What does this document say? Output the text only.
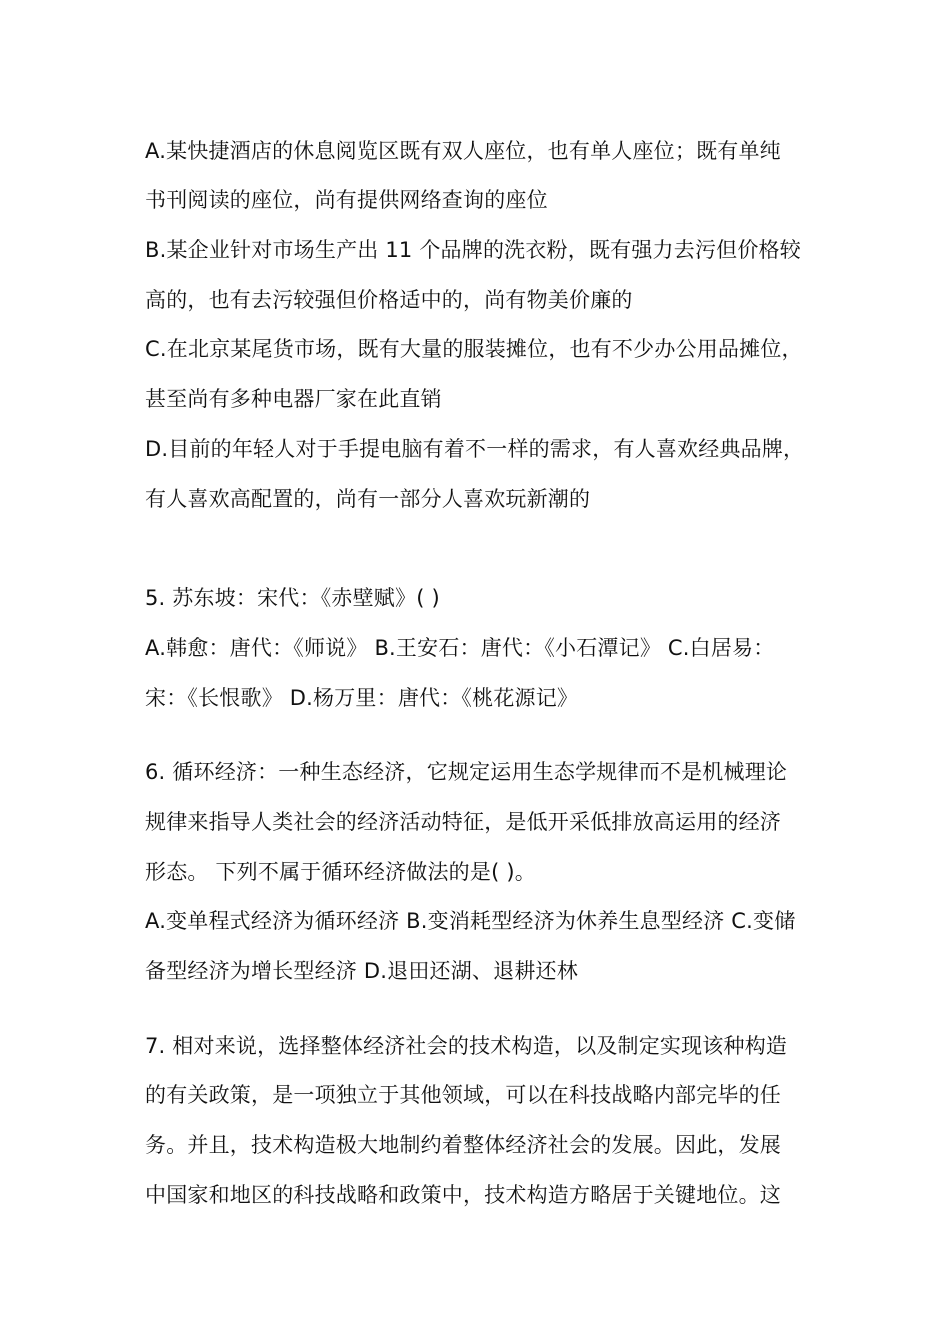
A.某快捷酒店的休息阅览区既有双人座位，也有单人座位；既有单纯
书刊阅读的座位，尚有提供网络查询的座位
B.某企业针对市场生产出 11 个品牌的洗衣粉，既有强力去污但价格较
高的，也有去污较强但价格适中的，尚有物美价廉的
C.在北京某尾货市场，既有大量的服装摊位，也有不少办公用品摊位，
甚至尚有多种电器厂家在此直销
D.目前的年轻人对于手提电脑有着不一样的需求，有人喜欢经典品牌，
有人喜欢高配置的，尚有一部分人喜欢玩新潮的
5. 苏东坡：宋代：《赤壁赋》( )
A.韩愈：唐代：《师说》 B.王安石：唐代：《小石潭记》 C.白居易：
宋：《长恨歌》 D.杨万里：唐代：《桃花源记》
6. 循环经济：一种生态经济，它规定运用生态学规律而不是机械理论
规律来指导人类社会的经济活动特征，是低开采低排放高运用的经济
形态。 下列不属于循环经济做法的是( )。
A.变单程式经济为循环经济 B.变消耗型经济为休养生息型经济 C.变储
备型经济为增长型经济 D.退田还湖、退耕还林
7. 相对来说，选择整体经济社会的技术构造，以及制定实现该种构造
的有关政策，是一项独立于其他领域，可以在科技战略内部完毕的任
务。并且，技术构造极大地制约着整体经济社会的发展。因此，发展
中国家和地区的科技战略和政策中，技术构造方略居于关键地位。这
